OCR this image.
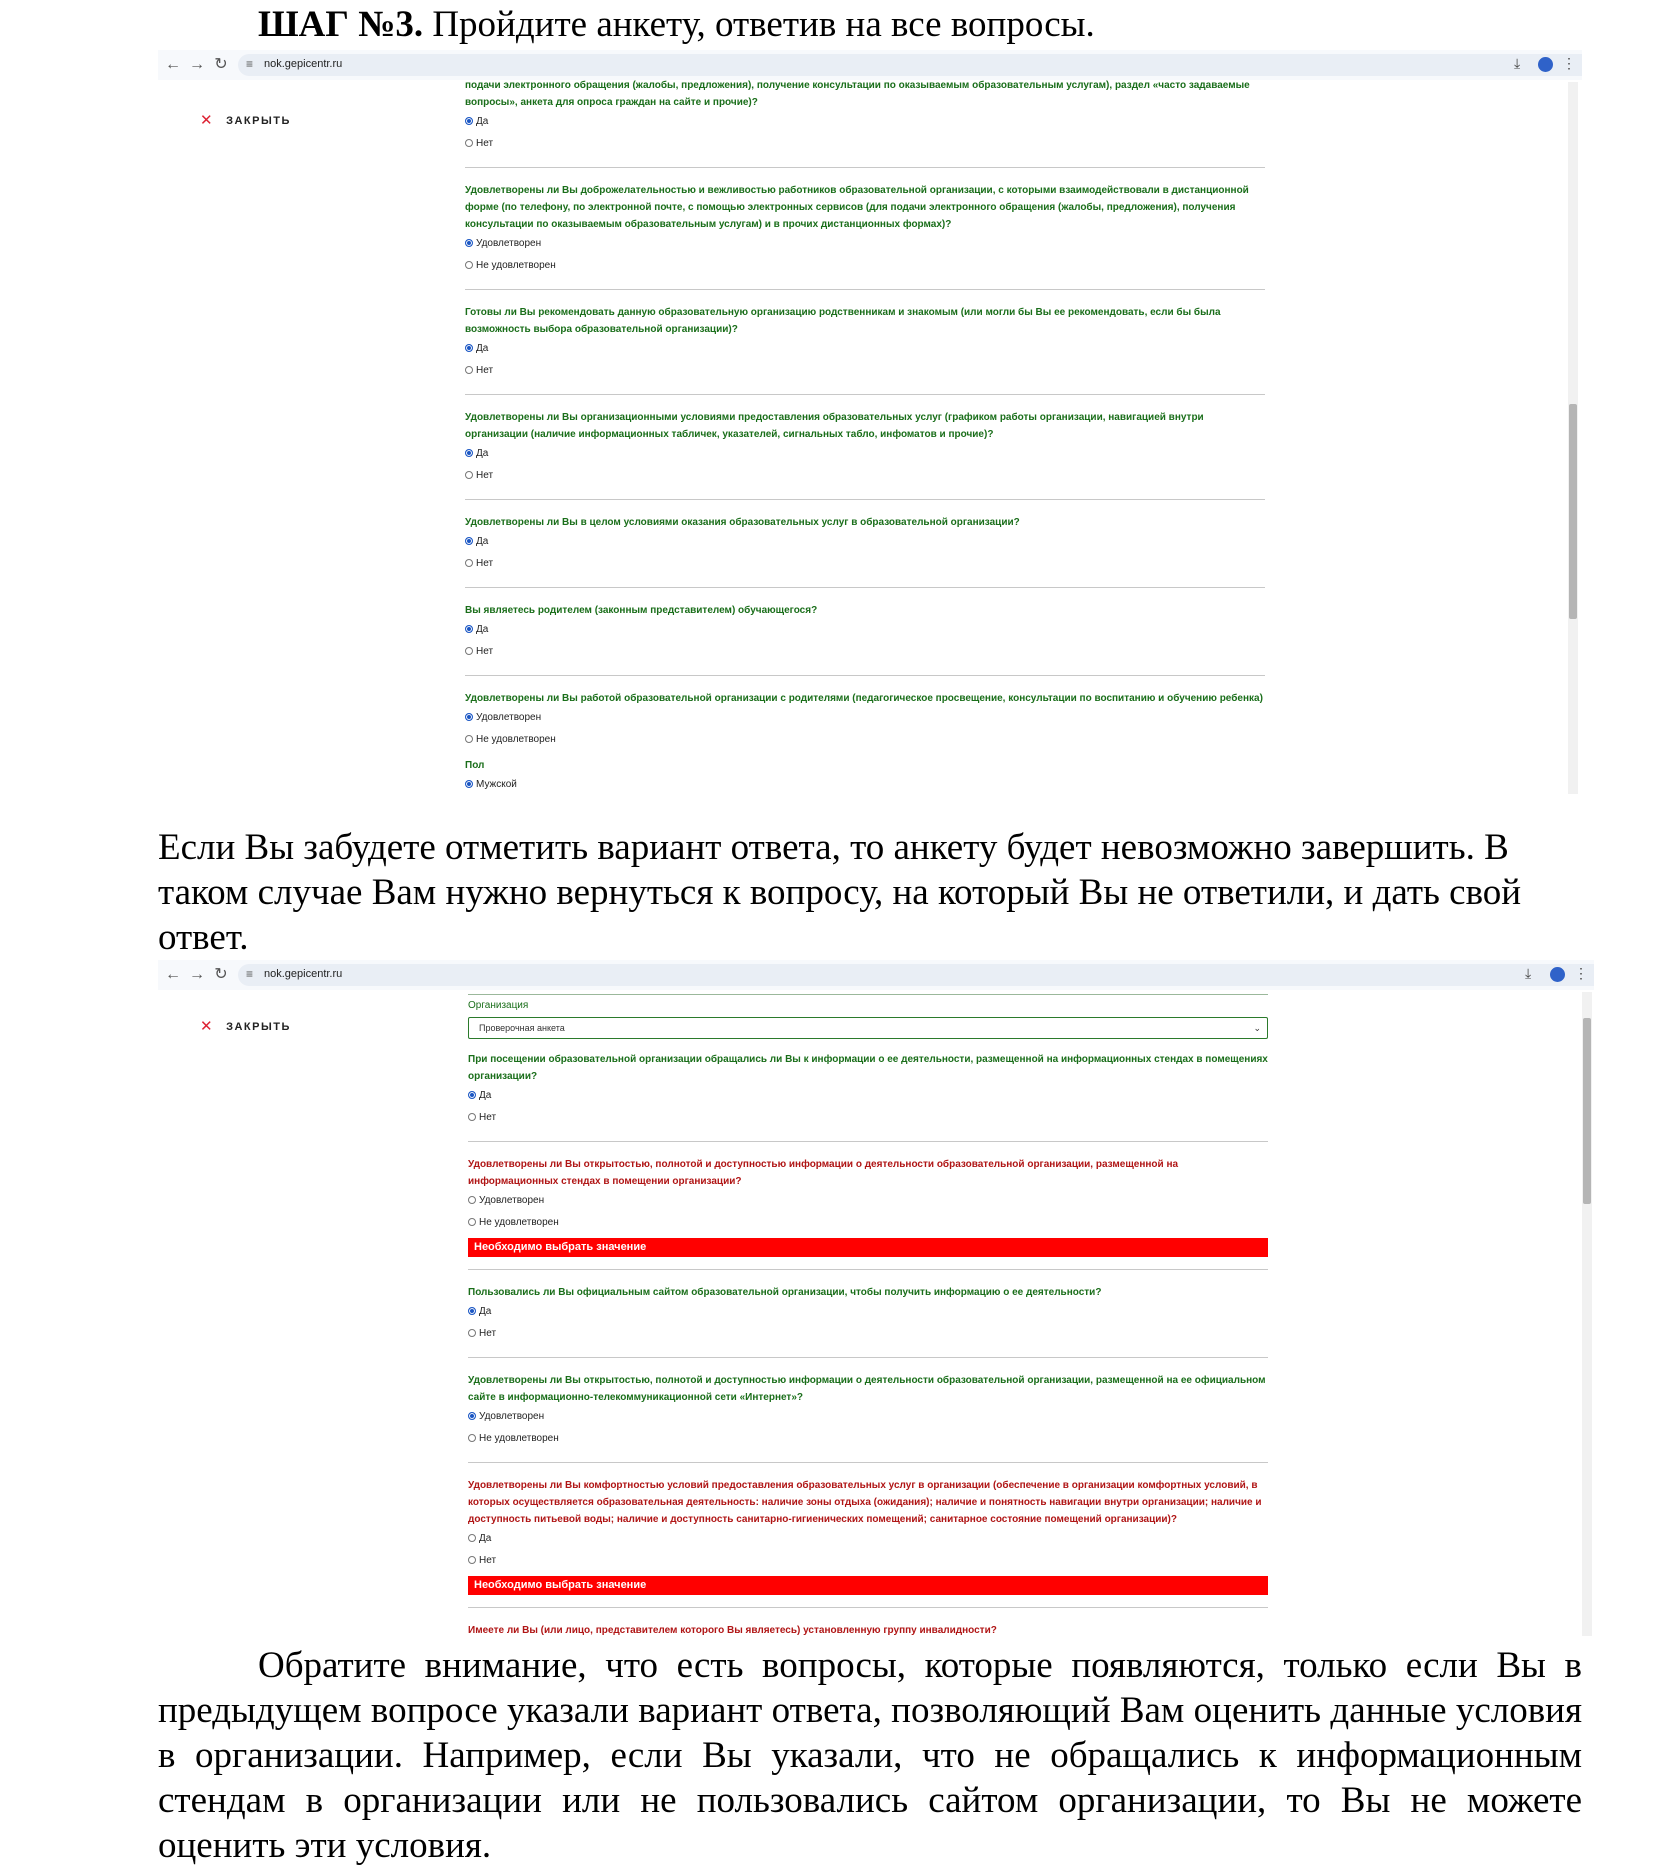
ШАГ №3. Пройдите анкету, ответив на все вопросы.
← → ↻ ≡ nok.gepicentr.ru	⤓	⋮
✕ ЗАКРЫТЬ
подачи электронного обращения (жалобы, предложения), получение консультации по оказываемым образовательным услугам), раздел «часто задаваемые вопросы», анкета для опроса граждан на сайте и прочие)?
Да
Нет
Удовлетворены ли Вы доброжелательностью и вежливостью работников образовательной организации, с которыми взаимодействовали в дистанционной форме (по телефону, по электронной почте, с помощью электронных сервисов (для подачи электронного обращения (жалобы, предложения), получения консультации по оказываемым образовательным услугам) и в прочих дистанционных формах)?
Удовлетворен
Не удовлетворен
Готовы ли Вы рекомендовать данную образовательную организацию родственникам и знакомым (или могли бы Вы ее рекомендовать, если бы была возможность выбора образовательной организации)?
Да
Нет
Удовлетворены ли Вы организационными условиями предоставления образовательных услуг (графиком работы организации, навигацией внутри организации (наличие информационных табличек, указателей, сигнальных табло, инфоматов и прочие)?
Да
Нет
Удовлетворены ли Вы в целом условиями оказания образовательных услуг в образовательной организации?
Да
Нет
Вы являетесь родителем (законным представителем) обучающегося?
Да
Нет
Удовлетворены ли Вы работой образовательной организации с родителями (педагогическое просвещение, консультации по воспитанию и обучению ребенка)
Удовлетворен
Не удовлетворен
Пол
Мужской
Если Вы забудете отметить вариант ответа, то анкету будет невозможно завершить. В таком случае Вам нужно вернуться к вопросу, на который Вы не ответили, и дать свой ответ.
← → ↻ ≡ nok.gepicentr.ru	⤓	⋮
✕ ЗАКРЫТЬ
Организация
Проверочная анкета	⌄
При посещении образовательной организации обращались ли Вы к информации о ее деятельности, размещенной на информационных стендах в помещениях организации?
Да
Нет
Удовлетворены ли Вы открытостью, полнотой и доступностью информации о деятельности образовательной организации, размещенной на информационных стендах в помещении организации?
Удовлетворен
Не удовлетворен
Необходимо выбрать значение
Пользовались ли Вы официальным сайтом образовательной организации, чтобы получить информацию о ее деятельности?
Да
Нет
Удовлетворены ли Вы открытостью, полнотой и доступностью информации о деятельности образовательной организации, размещенной на ее официальном сайте в информационно-телекоммуникационной сети «Интернет»?
Удовлетворен
Не удовлетворен
Удовлетворены ли Вы комфортностью условий предоставления образовательных услуг в организации (обеспечение в организации комфортных условий, в которых осуществляется образовательная деятельность: наличие зоны отдыха (ожидания); наличие и понятность навигации внутри организации; наличие и доступность питьевой воды; наличие и доступность санитарно-гигиенических помещений; санитарное состояние помещений организации)?
Да
Нет
Необходимо выбрать значение
Имеете ли Вы (или лицо, представителем которого Вы являетесь) установленную группу инвалидности?
Обратите внимание, что есть вопросы, которые появляются, только если Вы в предыдущем вопросе указали вариант ответа, позволяющий Вам оценить данные условия в организации. Например, если Вы указали, что не обращались к информационным стендам в организации или не пользовались сайтом организации, то Вы не можете оценить эти условия.
